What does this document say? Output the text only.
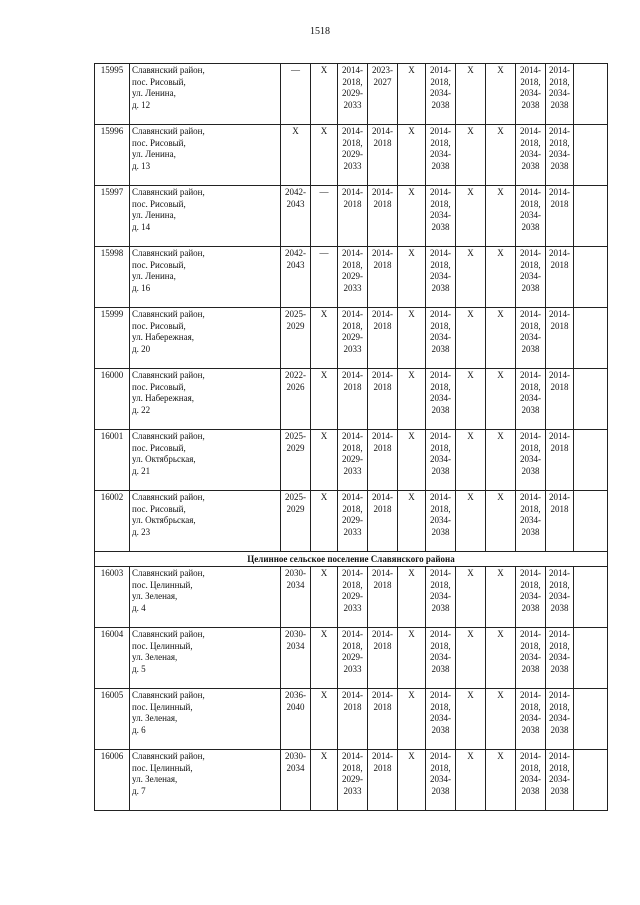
1518
15995	Славянский район,
пос. Рисовый,
ул. Ленина,
д. 12	—	X	2014-
2018,
2029-
2033	2023-
2027	X	2014-
2018,
2034-
2038	X	X	2014-
2018,
2034-
2038	2014-
2018,
2034-
2038

15996	Славянский район,
пос. Рисовый,
ул. Ленина,
д. 13	X	X	2014-
2018,
2029-
2033	2014-
2018	X	2014-
2018,
2034-
2038	X	X	2014-
2018,
2034-
2038	2014-
2018,
2034-
2038

15997	Славянский район,
пос. Рисовый,
ул. Ленина,
д. 14	2042-
2043	—	2014-
2018	2014-
2018	X	2014-
2018,
2034-
2038	X	X	2014-
2018,
2034-
2038	2014-
2018

15998	Славянский район,
пос. Рисовый,
ул. Ленина,
д. 16	2042-
2043	—	2014-
2018,
2029-
2033	2014-
2018	X	2014-
2018,
2034-
2038	X	X	2014-
2018,
2034-
2038	2014-
2018

15999	Славянский район,
пос. Рисовый,
ул. Набережная,
д. 20	2025-
2029	X	2014-
2018,
2029-
2033	2014-
2018	X	2014-
2018,
2034-
2038	X	X	2014-
2018,
2034-
2038	2014-
2018

16000	Славянский район,
пос. Рисовый,
ул. Набережная,
д. 22	2022-
2026	X	2014-
2018	2014-
2018	X	2014-
2018,
2034-
2038	X	X	2014-
2018,
2034-
2038	2014-
2018

16001	Славянский район,
пос. Рисовый,
ул. Октябрьская,
д. 21	2025-
2029	X	2014-
2018,
2029-
2033	2014-
2018	X	2014-
2018,
2034-
2038	X	X	2014-
2018,
2034-
2038	2014-
2018

16002	Славянский район,
пос. Рисовый,
ул. Октябрьская,
д. 23	2025-
2029	X	2014-
2018,
2029-
2033	2014-
2018	X	2014-
2018,
2034-
2038	X	X	2014-
2018,
2034-
2038	2014-
2018

Целинное сельское поселение Славянского района													
16003	Славянский район,
пос. Целинный,
ул. Зеленая,
д. 4	2030-
2034	X	2014-
2018,
2029-
2033	2014-
2018	X	2014-
2018,
2034-
2038	X	X	2014-
2018,
2034-
2038	2014-
2018,
2034-
2038

16004	Славянский район,
пос. Целинный,
ул. Зеленая,
д. 5	2030-
2034	X	2014-
2018,
2029-
2033	2014-
2018	X	2014-
2018,
2034-
2038	X	X	2014-
2018,
2034-
2038	2014-
2018,
2034-
2038

16005	Славянский район,
пос. Целинный,
ул. Зеленая,
д. 6	2036-
2040	X	2014-
2018	2014-
2018	X	2014-
2018,
2034-
2038	X	X	2014-
2018,
2034-
2038	2014-
2018,
2034-
2038

16006	Славянский район,
пос. Целинный,
ул. Зеленая,
д. 7	2030-
2034	X	2014-
2018,
2029-
2033	2014-
2018	X	2014-
2018,
2034-
2038	X	X	2014-
2018,
2034-
2038	2014-
2018,
2034-
2038
